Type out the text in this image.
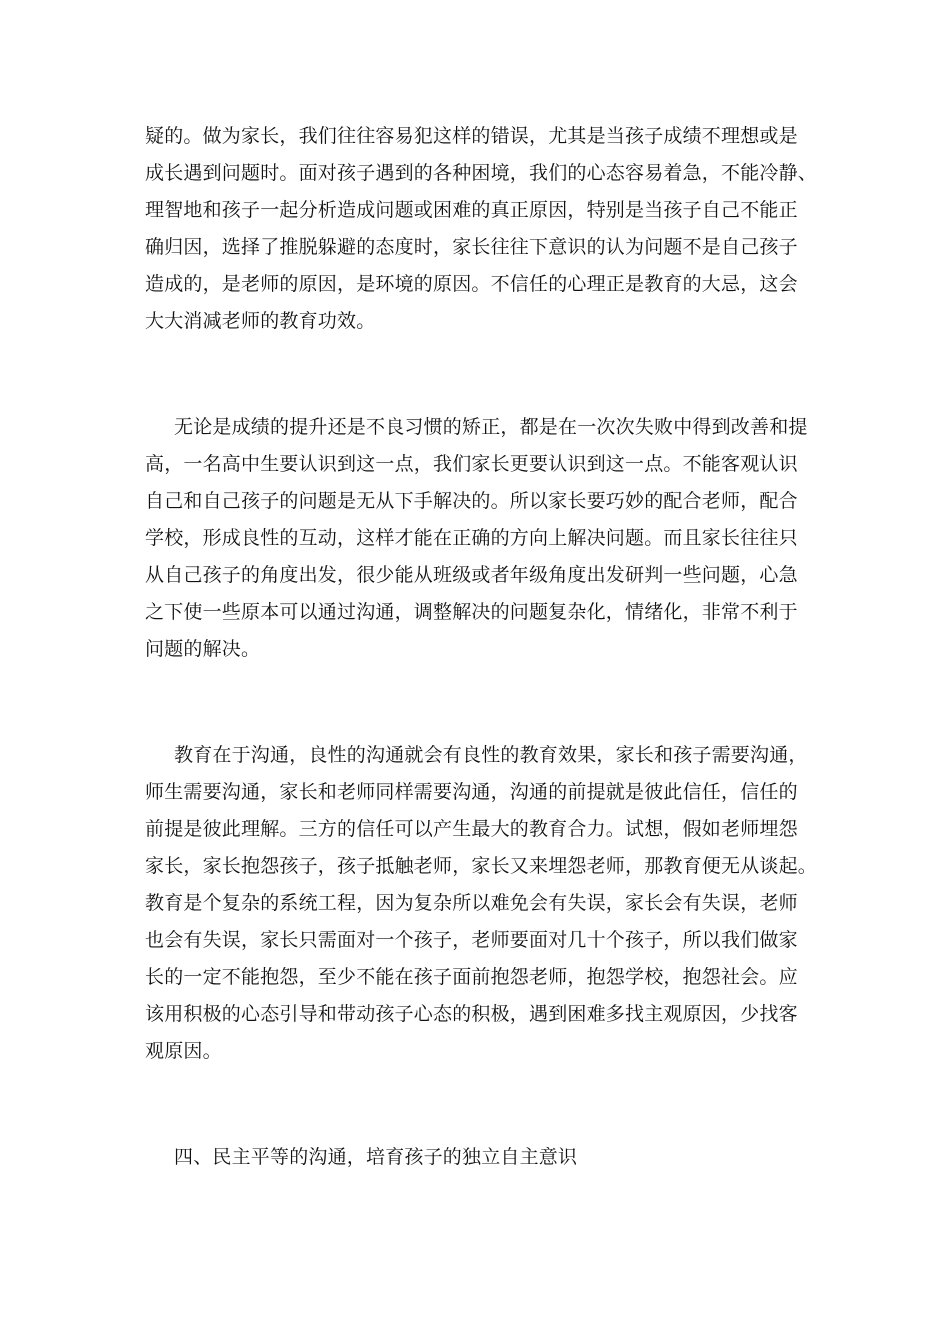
疑的。做为家长，我们往往容易犯这样的错误，尤其是当孩子成绩不理想或是
成长遇到问题时。面对孩子遇到的各种困境，我们的心态容易着急，不能冷静、
理智地和孩子一起分析造成问题或困难的真正原因，特别是当孩子自己不能正
确归因，选择了推脱躲避的态度时，家长往往下意识的认为问题不是自己孩子
造成的，是老师的原因，是环境的原因。不信任的心理正是教育的大忌，这会
大大消减老师的教育功效。
无论是成绩的提升还是不良习惯的矫正，都是在一次次失败中得到改善和提
高，一名高中生要认识到这一点，我们家长更要认识到这一点。不能客观认识
自己和自己孩子的问题是无从下手解决的。所以家长要巧妙的配合老师，配合
学校，形成良性的互动，这样才能在正确的方向上解决问题。而且家长往往只
从自己孩子的角度出发，很少能从班级或者年级角度出发研判一些问题，心急
之下使一些原本可以通过沟通，调整解决的问题复杂化，情绪化，非常不利于
问题的解决。
教育在于沟通，良性的沟通就会有良性的教育效果，家长和孩子需要沟通，
师生需要沟通，家长和老师同样需要沟通，沟通的前提就是彼此信任，信任的
前提是彼此理解。三方的信任可以产生最大的教育合力。试想，假如老师埋怨
家长，家长抱怨孩子，孩子抵触老师，家长又来埋怨老师，那教育便无从谈起。
教育是个复杂的系统工程，因为复杂所以难免会有失误，家长会有失误，老师
也会有失误，家长只需面对一个孩子，老师要面对几十个孩子，所以我们做家
长的一定不能抱怨，至少不能在孩子面前抱怨老师，抱怨学校，抱怨社会。应
该用积极的心态引导和带动孩子心态的积极，遇到困难多找主观原因，少找客
观原因。
四、民主平等的沟通，培育孩子的独立自主意识
